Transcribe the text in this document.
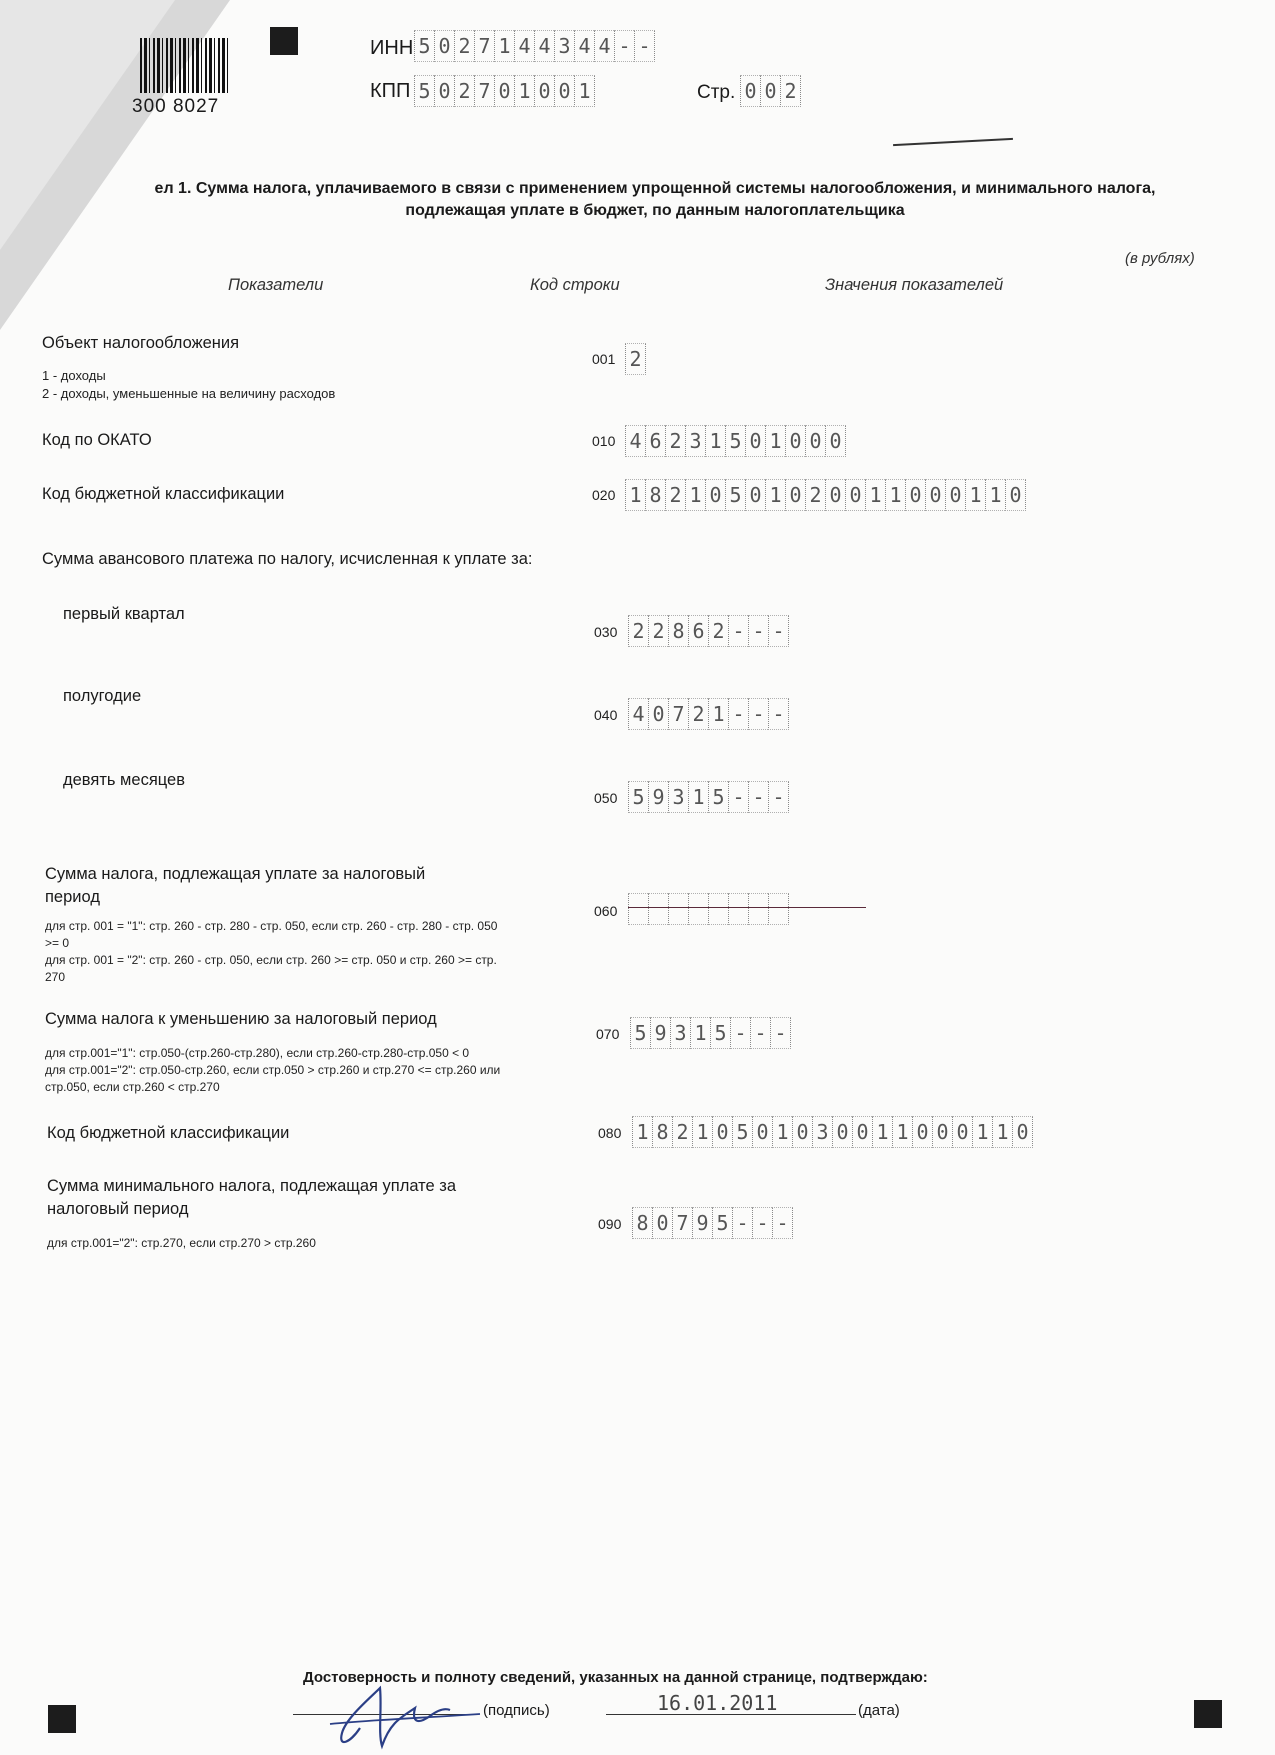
300 8027
ИНН 5 0 2 7 1 4 4 3 4 4 - -
КПП 5 0 2 7 0 1 0 0 1	Стр. 0 0 2
ел 1. Сумма налога, уплачиваемого в связи с применением упрощенной системы налогообложения, и минимального налога,
подлежащая уплате в бюджет, по данным налогоплательщика
(в рублях)
Показатели	Код строки	Значения показателей
Объект налогообложения
1 - доходы
2 - доходы, уменьшенные на величину расходов
001 2
Код по ОКАТО	010 4 6 2 3 1 5 0 1 0 0 0
Код бюджетной классификации	020 1 8 2 1 0 5 0 1 0 2 0 0 1 1 0 0 0 1 1 0
Сумма авансового платежа по налогу, исчисленная к уплате за:
первый квартал
030 2 2 8 6 2 - - -
полугодие
040 4 0 7 2 1 - - -
девять месяцев
050 5 9 3 1 5 - - -
Сумма налога, подлежащая уплате за налоговый
период
для стр. 001 = "1": стр. 260 - стр. 280 - стр. 050, если стр. 260 - стр. 280 - стр. 050
>= 0
для стр. 001 = "2": стр. 260 - стр. 050, если стр. 260 >= стр. 050 и стр. 260 >= стр.
270
060
Сумма налога к уменьшению за налоговый период
для стр.001="1": стр.050-(стр.260-стр.280), если стр.260-стр.280-стр.050 < 0
для стр.001="2": стр.050-стр.260, если стр.050 > стр.260 и стр.270 <= стр.260 или
стр.050, если стр.260 < стр.270
070 5 9 3 1 5 - - -
Код бюджетной классификации	080 1 8 2 1 0 5 0 1 0 3 0 0 1 1 0 0 0 1 1 0
Сумма минимального налога, подлежащая уплате за
налоговый период
для стр.001="2": стр.270, если стр.270 > стр.260
090 8 0 7 9 5 - - -
Достоверность и полноту сведений, указанных на данной странице, подтверждаю:
(подпись)	16.01.2011	(дата)
